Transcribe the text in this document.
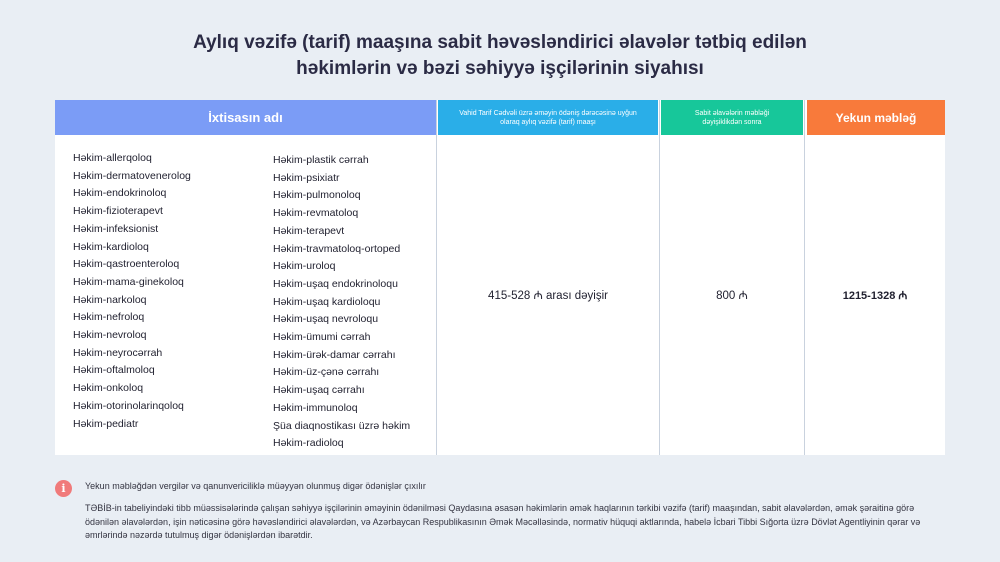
Aylıq vəzifə (tarif) maaşına sabit həvəsləndirici əlavələr tətbiq edilən
həkimlərin və bəzi səhiyyə işçilərinin siyahısı
İxtisasın adı
Həkim-allerqoloq
Həkim-dermatovenerolog
Həkim-endokrinoloq
Həkim-fizioterapevt
Həkim-infeksionist
Həkim-kardioloq
Həkim-qastroenteroloq
Həkim-mama-ginekoloq
Həkim-narkoloq
Həkim-nefroloq
Həkim-nevroloq
Həkim-neyrocərrah
Həkim-oftalmoloq
Həkim-onkoloq
Həkim-otorinolarinqoloq
Həkim-pediatr
Həkim-plastik cərrah
Həkim-psixiatr
Həkim-pulmonoloq
Həkim-revmatoloq
Həkim-terapevt
Həkim-travmatoloq-ortoped
Həkim-uroloq
Həkim-uşaq endokrinoloqu
Həkim-uşaq kardioloqu
Həkim-uşaq nevroloqu
Həkim-ümumi cərrah
Həkim-ürək-damar cərrahı
Həkim-üz-çənə cərrahı
Həkim-uşaq cərrahı
Həkim-immunoloq
Şüa diaqnostikası üzrə həkim
Həkim-radioloq
Vahid Tarif Cədvəli üzrə əməyin ödəniş dərəcəsinə uyğun olaraq aylıq vəzifə (tarif) maaşı
415-528 ₼ arası dəyişir
Sabit əlavələrin məbləği dəyişiklikdən sonra
800 ₼
Yekun məbləğ
1215-1328 ₼
i	Yekun məbləğdən vergilər və qanunvericiliklə müəyyən olunmuş digər ödənişlər çıxılır
TƏBİB-in tabeliyindəki tibb müəssisələrində çalışan səhiyyə işçilərinin əməyinin ödənilməsi Qaydasına əsasən həkimlərin əmək haqlarının tərkibi vəzifə (tarif) maaşından, sabit əlavələrdən, əmək şəraitinə görə ödənilən əlavələrdən, işin nəticəsinə görə həvəsləndirici əlavələrdən, və Azərbaycan Respublikasının Əmək Məcəlləsində, normativ hüquqi aktlarında, habelə İcbari Tibbi Sığorta üzrə Dövlət Agentliyinin qərar və əmrlərində nəzərdə tutulmuş digər ödənişlərdən ibarətdir.
